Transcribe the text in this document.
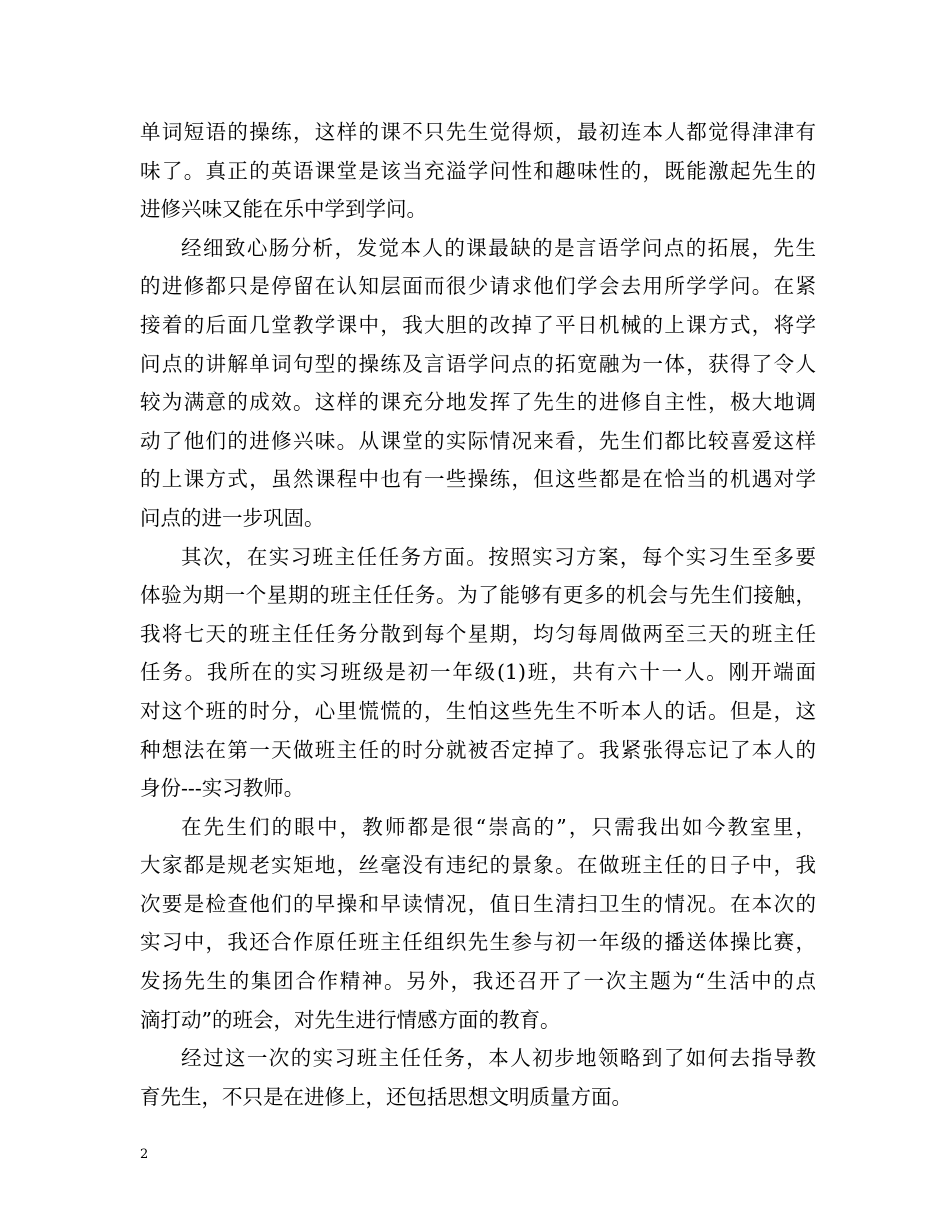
单词短语的操练，这样的课不只先生觉得烦，最初连本人都觉得津津有
味了。真正的英语课堂是该当充溢学问性和趣味性的，既能激起先生的
进修兴味又能在乐中学到学问。
经细致心肠分析，发觉本人的课最缺的是言语学问点的拓展，先生
的进修都只是停留在认知层面而很少请求他们学会去用所学学问。在紧
接着的后面几堂教学课中，我大胆的改掉了平日机械的上课方式，将学
问点的讲解单词句型的操练及言语学问点的拓宽融为一体，获得了令人
较为满意的成效。这样的课充分地发挥了先生的进修自主性，极大地调
动了他们的进修兴味。从课堂的实际情况来看，先生们都比较喜爱这样
的上课方式，虽然课程中也有一些操练，但这些都是在恰当的机遇对学
问点的进一步巩固。
其次，在实习班主任任务方面。按照实习方案，每个实习生至多要
体验为期一个星期的班主任任务。为了能够有更多的机会与先生们接触，
我将七天的班主任任务分散到每个星期，均匀每周做两至三天的班主任
任务。我所在的实习班级是初一年级(1)班，共有六十一人。刚开端面
对这个班的时分，心里慌慌的，生怕这些先生不听本人的话。但是，这
种想法在第一天做班主任的时分就被否定掉了。我紧张得忘记了本人的
身份---实习教师。
在先生们的眼中，教师都是很“崇高的”，只需我出如今教室里，
大家都是规老实矩地，丝毫没有违纪的景象。在做班主任的日子中，我
次要是检查他们的早操和早读情况，值日生清扫卫生的情况。在本次的
实习中，我还合作原任班主任组织先生参与初一年级的播送体操比赛，
发扬先生的集团合作精神。另外，我还召开了一次主题为“生活中的点
滴打动”的班会，对先生进行情感方面的教育。
经过这一次的实习班主任任务，本人初步地领略到了如何去指导教
育先生，不只是在进修上，还包括思想文明质量方面。
2
